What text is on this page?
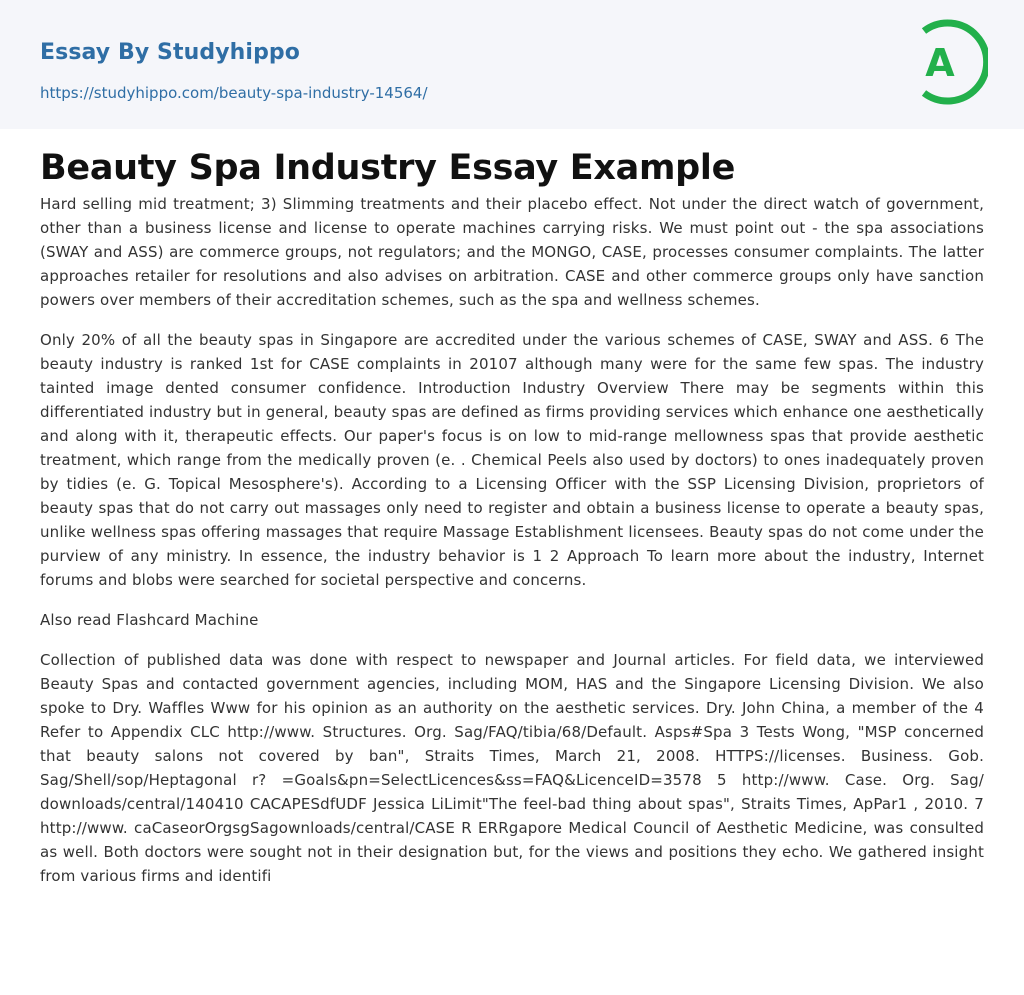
Essay By Studyhippo
https://studyhippo.com/beauty-spa-industry-14564/
A
Beauty Spa Industry Essay Example

Hard selling mid treatment; 3) Slimming treatments and their placebo effect. Not under the direct watch of government, other than a business license and license to operate machines carrying risks. We must point out - the spa associations (SWAY and ASS) are commerce groups, not regulators; and the MONGO, CASE, processes consumer complaints. The latter approaches retailer for resolutions and also advises on arbitration. CASE and other commerce groups only have sanction powers over members of their accreditation schemes, such as the spa and wellness schemes.

Only 20% of all the beauty spas in Singapore are accredited under the various schemes of CASE, SWAY and ASS. 6 The beauty industry is ranked 1st for CASE complaints in 20107 although many were for the same few spas. The industry tainted image dented consumer confidence. Introduction Industry Overview There may be segments within this differentiated industry but in general, beauty spas are defined as firms providing services which enhance one aesthetically and along with it, therapeutic effects. Our paper's focus is on low to mid-range mellowness spas that provide aesthetic treatment, which range from the medically proven (e. . Chemical Peels also used by doctors) to ones inadequately proven by tidies (e. G. Topical Mesosphere's). According to a Licensing Officer with the SSP Licensing Division, proprietors of beauty spas that do not carry out massages only need to register and obtain a business license to operate a beauty spas, unlike wellness spas offering massages that require Massage Establishment licensees. Beauty spas do not come under the purview of any ministry. In essence, the industry behavior is 1 2 Approach To learn more about the industry, Internet forums and blobs were searched for societal perspective and concerns.

Also read Flashcard Machine

Collection of published data was done with respect to newspaper and Journal articles. For field data, we interviewed Beauty Spas and contacted government agencies, including MOM, HAS and the Singapore Licensing Division. We also spoke to Dry. Waffles Www for his opinion as an authority on the aesthetic services. Dry. John China, a member of the 4 Refer to Appendix CLC http://www. Structures. Org. Sag/FAQ/tibia/68/Default. Asps#Spa 3 Tests Wong, "MSP concerned that beauty salons not covered by ban", Straits Times, March 21, 2008. HTTPS://licenses. Business. Gob. Sag/Shell/sop/Heptagonal r? =Goals&pn=SelectLicences&ss=FAQ&LicenceID=3578 5 http://www. Case. Org. Sag/ downloads/central/140410 CACAPESdfUDF Jessica LiLimit"The feel-bad thing about spas", Straits Times, ApPar1 , 2010. 7 http://www. caCaseorOrgsgSagownloads/central/CASE R ERRgapore Medical Council of Aesthetic Medicine, was consulted as well. Both doctors were sought not in their designation but, for the views and positions they echo. We gathered insight from various firms and identifi
